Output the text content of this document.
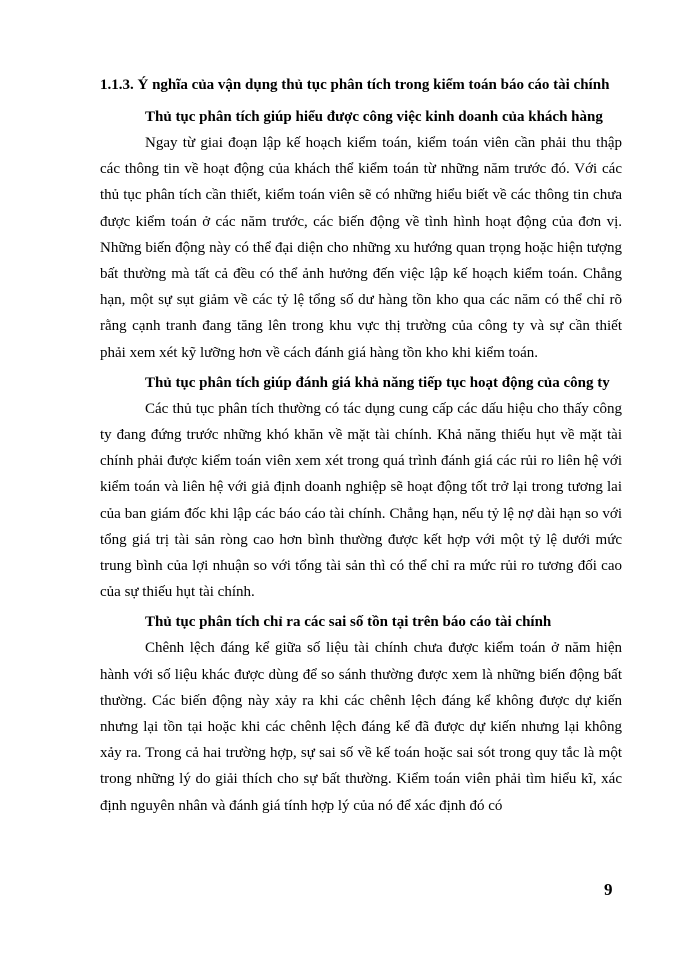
1.1.3. Ý nghĩa của vận dụng thủ tục phân tích trong kiểm toán báo cáo tài chính

Thủ tục phân tích giúp hiểu được công việc kinh doanh của khách hàng

Ngay từ giai đoạn lập kế hoạch kiểm toán, kiểm toán viên cần phải thu thập các thông tin về hoạt động của khách thể kiểm toán từ những năm trước đó. Với các thủ tục phân tích cần thiết, kiểm toán viên sẽ có những hiểu biết về các thông tin chưa được kiểm toán ở các năm trước, các biến động về tình hình hoạt động của đơn vị. Những biến động này có thể đại diện cho những xu hướng quan trọng hoặc hiện tượng bất thường mà tất cả đều có thể ảnh hưởng đến việc lập kế hoạch kiểm toán. Chẳng hạn, một sự sụt giảm về các tỷ lệ tổng số dư hàng tồn kho qua các năm có thể chỉ rõ rằng cạnh tranh đang tăng lên trong khu vực thị trường của công ty và sự cần thiết phải xem xét kỹ lưỡng hơn về cách đánh giá hàng tồn kho khi kiểm toán.

Thủ tục phân tích giúp đánh giá khả năng tiếp tục hoạt động của công ty

Các thủ tục phân tích thường có tác dụng cung cấp các dấu hiệu cho thấy công ty đang đứng trước những khó khăn về mặt tài chính. Khả năng thiếu hụt về mặt tài chính phải được kiểm toán viên xem xét trong quá trình đánh giá các rủi ro liên hệ với kiểm toán và liên hệ với giả định doanh nghiệp sẽ hoạt động tốt trở lại trong tương lai của ban giám đốc khi lập các báo cáo tài chính. Chẳng hạn, nếu tỷ lệ nợ dài hạn so với tổng giá trị tài sản ròng cao hơn bình thường được kết hợp với một tỷ lệ dưới mức trung bình của lợi nhuận so với tổng tài sản thì có thể chỉ ra mức rủi ro tương đối cao của sự thiếu hụt tài chính.

Thủ tục phân tích chỉ ra các sai số tồn tại trên báo cáo tài chính

Chênh lệch đáng kể giữa số liệu tài chính chưa được kiểm toán ở năm hiện hành với số liệu khác được dùng để so sánh thường được xem là những biến động bất thường. Các biến động này xảy ra khi các chênh lệch đáng kể không được dự kiến nhưng lại tồn tại hoặc khi các chênh lệch đáng kể đã được dự kiến nhưng lại không xảy ra. Trong cả hai trường hợp, sự sai số về kế toán hoặc sai sót trong quy tắc là một trong những lý do giải thích cho sự bất thường. Kiểm toán viên phải tìm hiểu kĩ, xác định nguyên nhân và đánh giá tính hợp lý của nó để xác định đó có

9
